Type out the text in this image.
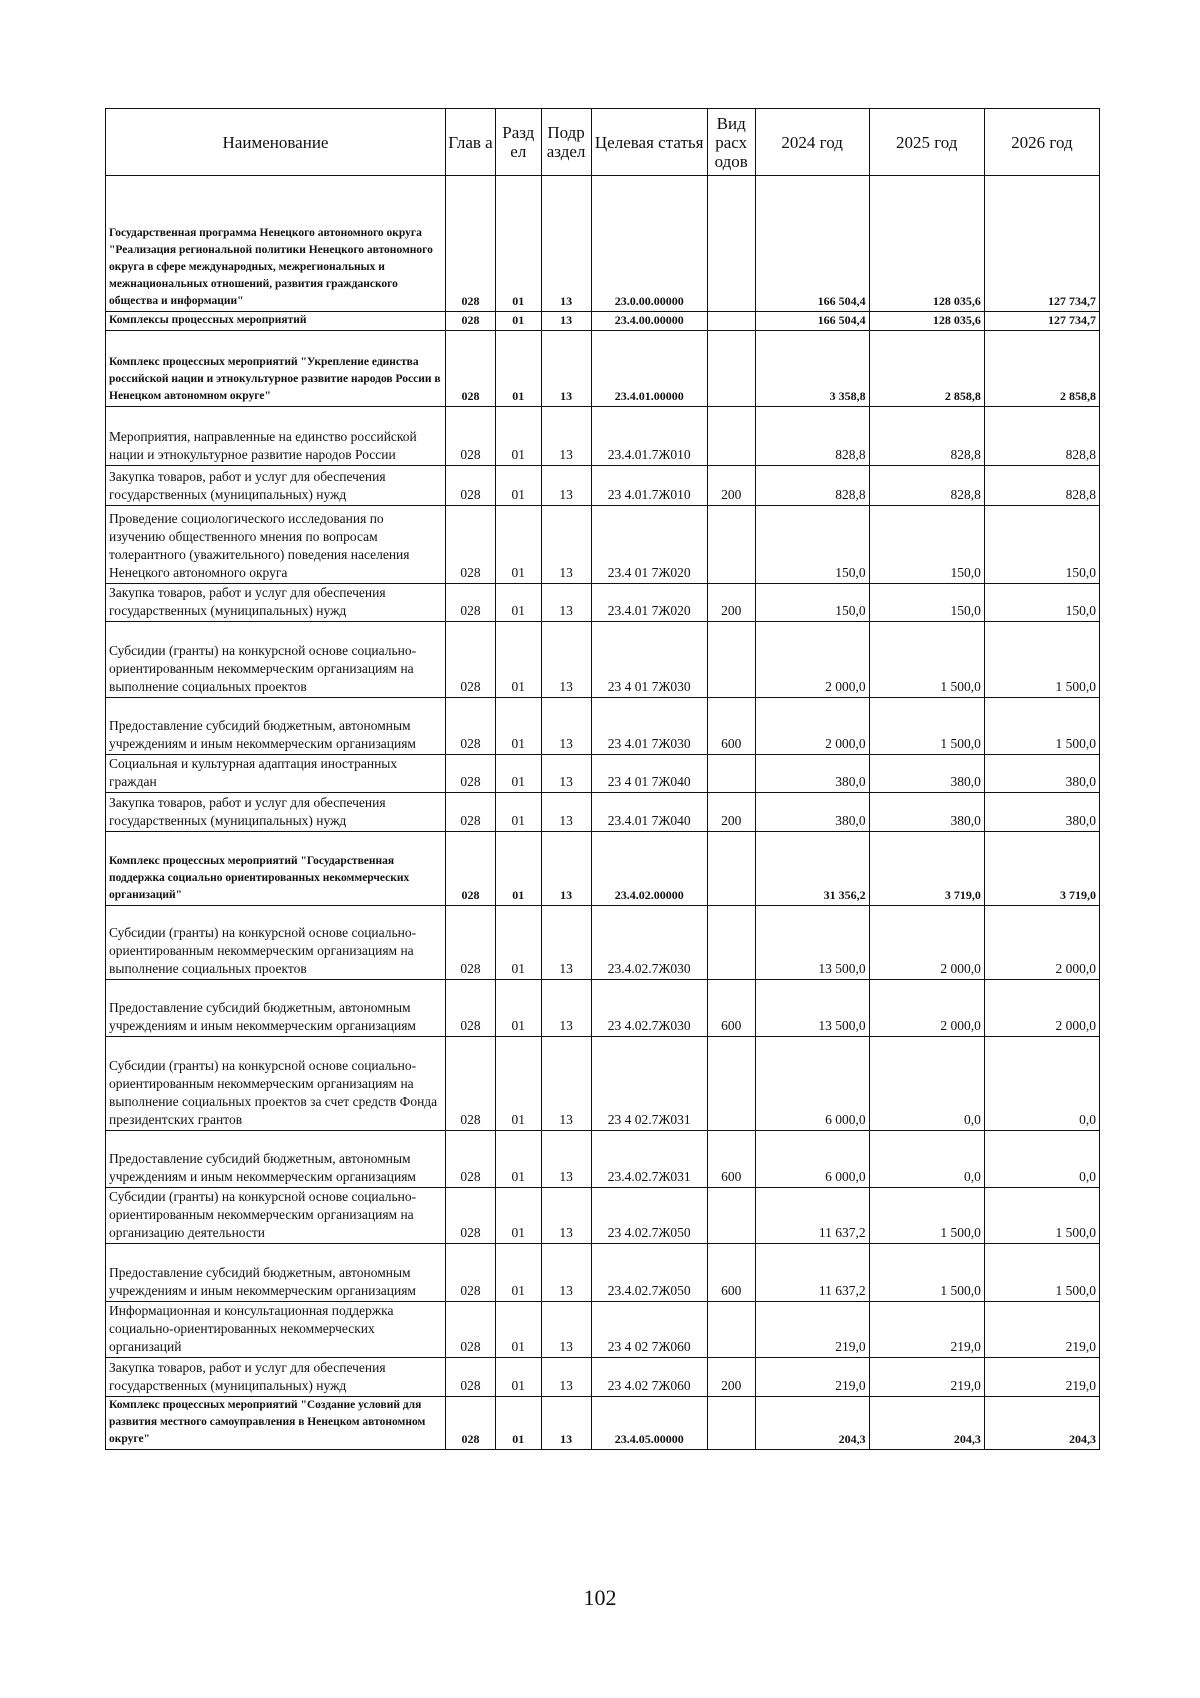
Наименование	Глав а	Разд ел	Подр аздел	Целевая статья	Вид расх одов	2024 год	2025 год	2026 год
Государственная программа Ненецкого автономного округа "Реализация региональной политики Ненецкого автономного округа в сфере международных, межрегиональных и межнациональных отношений, развития гражданского общества и информации"	028	01	13	23.0.00.00000		166 504,4	128 035,6	127 734,7
Комплексы процессных мероприятий	028	01	13	23.4.00.00000		166 504,4	128 035,6	127 734,7
Комплекс процессных мероприятий "Укрепление единства российской нации и этнокультурное развитие народов России в Ненецком автономном округе"	028	01	13	23.4.01.00000		3 358,8	2 858,8	2 858,8
Мероприятия, направленные на единство российской нации и этнокультурное развитие народов России	028	01	13	23.4.01.7Ж010		828,8	828,8	828,8
Закупка товаров, работ и услуг для обеспечения государственных (муниципальных) нужд	028	01	13	23 4.01.7Ж010	200	828,8	828,8	828,8
Проведение социологического исследования по изучению общественного мнения по вопросам толерантного (уважительного) поведения населения Ненецкого автономного округа	028	01	13	23.4 01 7Ж020		150,0	150,0	150,0
Закупка товаров, работ и услуг для обеспечения государственных (муниципальных) нужд	028	01	13	23.4.01 7Ж020	200	150,0	150,0	150,0
Субсидии (гранты) на конкурсной основе социально-ориентированным некоммерческим организациям на выполнение социальных проектов	028	01	13	23 4 01 7Ж030		2 000,0	1 500,0	1 500,0
Предоставление субсидий бюджетным, автономным учреждениям и иным некоммерческим организациям	028	01	13	23 4.01 7Ж030	600	2 000,0	1 500,0	1 500,0
Социальная и культурная адаптация иностранных граждан	028	01	13	23 4 01 7Ж040		380,0	380,0	380,0
Закупка товаров, работ и услуг для обеспечения государственных (муниципальных) нужд	028	01	13	23.4.01 7Ж040	200	380,0	380,0	380,0
Комплекс процессных мероприятий "Государственная поддержка социально ориентированных некоммерческих организаций"	028	01	13	23.4.02.00000		31 356,2	3 719,0	3 719,0
Субсидии (гранты) на конкурсной основе социально-ориентированным некоммерческим организациям на выполнение социальных проектов	028	01	13	23.4.02.7Ж030		13 500,0	2 000,0	2 000,0
Предоставление субсидий бюджетным, автономным учреждениям и иным некоммерческим организациям	028	01	13	23 4.02.7Ж030	600	13 500,0	2 000,0	2 000,0
Субсидии (гранты) на конкурсной основе социально-ориентированным некоммерческим организациям на выполнение социальных проектов за счет средств Фонда президентских грантов	028	01	13	23 4 02.7Ж031		6 000,0	0,0	0,0
Предоставление субсидий бюджетным, автономным учреждениям и иным некоммерческим организациям	028	01	13	23.4.02.7Ж031	600	6 000,0	0,0	0,0
Субсидии (гранты) на конкурсной основе социально-ориентированным некоммерческим организациям на организацию деятельности	028	01	13	23 4.02.7Ж050		11 637,2	1 500,0	1 500,0
Предоставление субсидий бюджетным, автономным учреждениям и иным некоммерческим организациям	028	01	13	23.4.02.7Ж050	600	11 637,2	1 500,0	1 500,0
Информационная и консультационная поддержка социально-ориентированных некоммерческих организаций	028	01	13	23 4 02 7Ж060		219,0	219,0	219,0
Закупка товаров, работ и услуг для обеспечения государственных (муниципальных) нужд	028	01	13	23 4.02 7Ж060	200	219,0	219,0	219,0
Комплекс процессных мероприятий "Создание условий для развития местного самоуправления в Ненецком автономном округе"	028	01	13	23.4.05.00000		204,3	204,3	204,3
102
